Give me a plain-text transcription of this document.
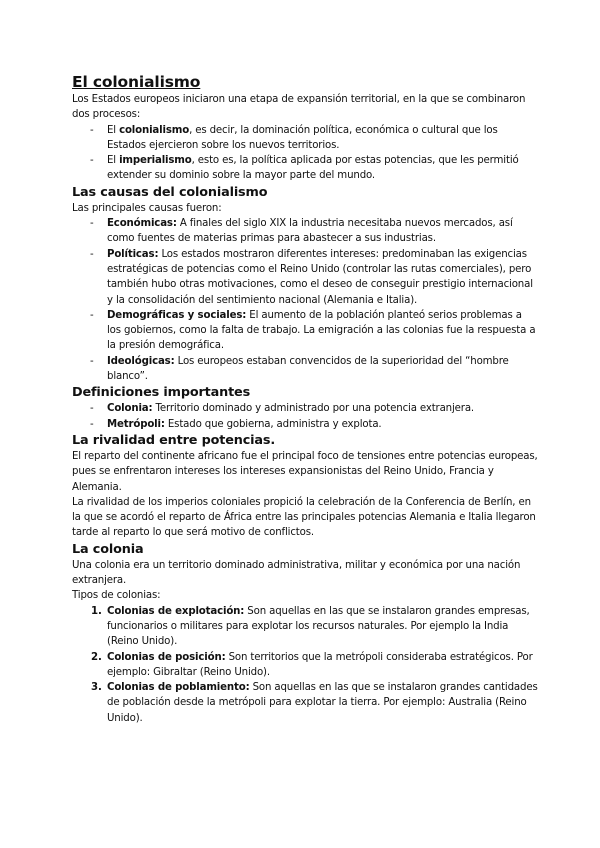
El colonialismo

Los Estados europeos iniciaron una etapa de expansión territorial, en la que se combinaron dos procesos:

- El colonialismo, es decir, la dominación política, económica o cultural que los Estados ejercieron sobre los nuevos territorios.
- El imperialismo, esto es, la política aplicada por estas potencias, que les permitió extender su dominio sobre la mayor parte del mundo.
Las causas del colonialismo

Las principales causas fueron:

- Económicas: A finales del siglo XIX la industria necesitaba nuevos mercados, así como fuentes de materias primas para abastecer a sus industrias.
- Políticas: Los estados mostraron diferentes intereses: predominaban las exigencias estratégicas de potencias como el Reino Unido (controlar las rutas comerciales), pero también hubo otras motivaciones, como el deseo de conseguir prestigio internacional y la consolidación del sentimiento nacional (Alemania e Italia).
- Demográficas y sociales: El aumento de la población planteó serios problemas a los gobiernos, como la falta de trabajo. La emigración a las colonias fue la respuesta a la presión demográfica.
- Ideológicas: Los europeos estaban convencidos de la superioridad del “hombre blanco”.
Definiciones importantes
- Colonia: Territorio dominado y administrado por una potencia extranjera.
- Metrópoli: Estado que gobierna, administra y explota.
La rivalidad entre potencias.

El reparto del continente africano fue el principal foco de tensiones entre potencias europeas, pues se enfrentaron intereses los intereses expansionistas del Reino Unido, Francia y Alemania.

La rivalidad de los imperios coloniales propició la celebración de la Conferencia de Berlín, en la que se acordó el reparto de África entre las principales potencias Alemania e Italia llegaron tarde al reparto lo que será motivo de conflictos.

La colonia

Una colonia era un territorio dominado administrativa, militar y económica por una nación extranjera.

Tipos de colonias:

1. Colonias de explotación: Son aquellas en las que se instalaron grandes empresas, funcionarios o militares para explotar los recursos naturales. Por ejemplo la India (Reino Unido).
2. Colonias de posición: Son territorios que la metrópoli consideraba estratégicos. Por ejemplo: Gibraltar (Reino Unido).
3. Colonias de poblamiento: Son aquellas en las que se instalaron grandes cantidades de población desde la metrópoli para explotar la tierra. Por ejemplo: Australia (Reino Unido).
